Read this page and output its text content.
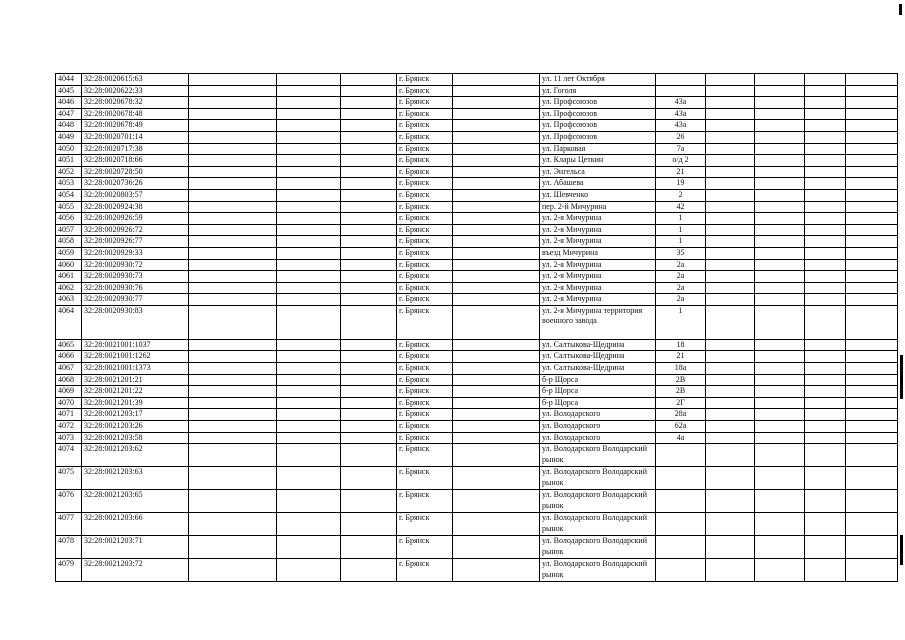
4044	32:28:0020615:63				г. Брянск		ул. 11 лет Октября					
4045	32:28:0020622:33				г. Брянск		ул. Гоголя					
4046	32:28:0020678:32				г. Брянск		ул. Профсоюзов	43а				
4047	32:28:0020678:48				г. Брянск		ул. Профсоюзов	43а				
4048	32:28:0020678:49				г. Брянск		ул. Профсоюзов	43а				
4049	32:28:0020701:14				г. Брянск		ул. Профсоюзов	26				
4050	32:28:0020717:38				г. Брянск		ул. Парковая	7а				
4051	32:28:0020718:66				г. Брянск		ул. Клары Цеткин	о/д 2				
4052	32:28:0020728:50				г. Брянск		ул. Энгельса	21				
4053	32:28:0020736:26				г. Брянск		ул. Абашева	19				
4054	32:28:0020803:57				г. Брянск		ул. Шевченко	2				
4055	32:28:0020924:38				г. Брянск		пер. 2-й Мичурина	42				
4056	32:28:0020926:59				г. Брянск		ул. 2-я Мичурина	1				
4057	32:28:0020926:72				г. Брянск		ул. 2-я Мичурина	1				
4058	32:28:0020926:77				г. Брянск		ул. 2-я Мичурина	1				
4059	32:28:0020929:33				г. Брянск		въезд Мичурина	35				
4060	32:28:0020930:72				г. Брянск		ул. 2-я Мичурина	2а				
4061	32:28:0020930:73				г. Брянск		ул. 2-я Мичурина	2а				
4062	32:28:0020930:76				г. Брянск		ул. 2-я Мичурина	2а				
4063	32:28:0020930:77				г. Брянск		ул. 2-я Мичурина	2а				
4064	32:28:0020930:83				г. Брянск		ул. 2-я Мичурина территория военного завода	1				
4065	32:28:0021001:1037				г. Брянск		ул. Салтыкова-Щедрина	18				
4066	32:28:0021001:1262				г. Брянск		ул. Салтыкова-Щедрина	21				
4067	32:28:0021001:1373				г. Брянск		ул. Салтыкова-Щедрина	18а				
4068	32:28:0021201:21				г. Брянск		б-р Щорса	2В				
4069	32:28:0021201:22				г. Брянск		б-р Щорса	2В				
4070	32:28:0021201:39				г. Брянск		б-р Щорса	2Г				
4071	32:28:0021203:17				г. Брянск		ул. Володарского	28а				
4072	32:28:0021203:26				г. Брянск		ул. Володарского	62а				
4073	32:28:0021203:58				г. Брянск		ул. Володарского	4а				
4074	32:28:0021203:62				г. Брянск		ул. Володарского Володарский рынок					
4075	32:28:0021203:63				г. Брянск		ул. Володарского Володарский рынок					
4076	32:28:0021203:65				г. Брянск		ул. Володарского Володарский рынок					
4077	32:28:0021203:66				г. Брянск		ул. Володарского Володарский рынок					
4078	32:28:0021203:71				г. Брянск		ул. Володарского Володарский рынок					
4079	32:28:0021203:72				г. Брянск		ул. Володарского Володарский рынок					
